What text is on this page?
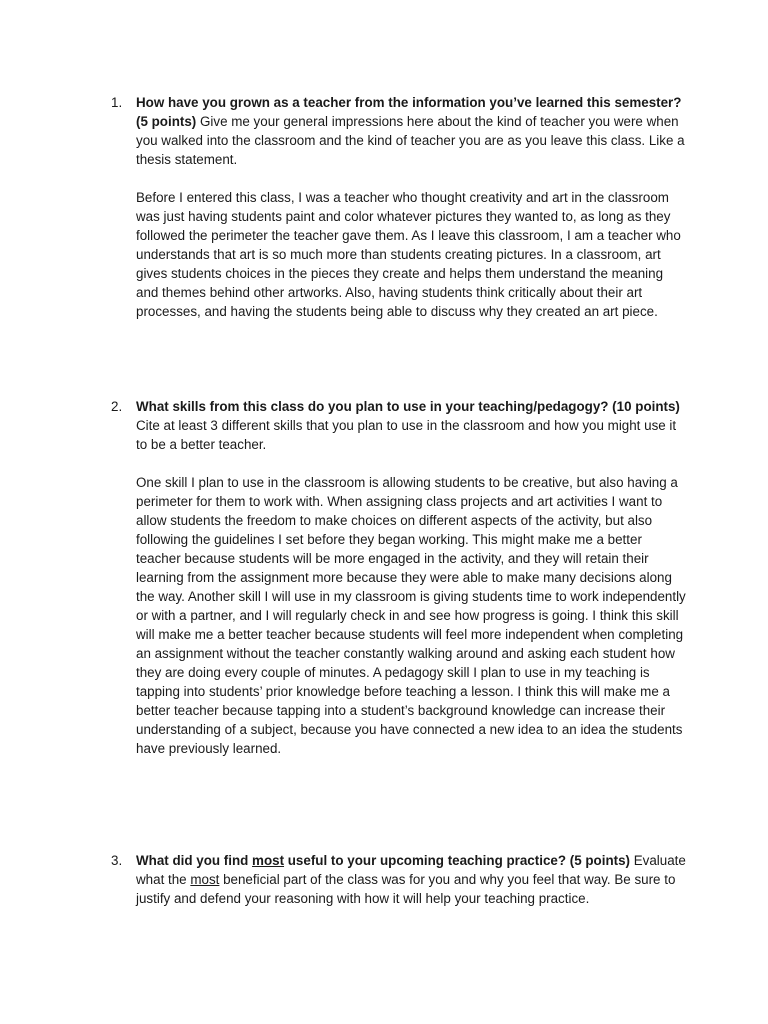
1. How have you grown as a teacher from the information you’ve learned this semester? (5 points) Give me your general impressions here about the kind of teacher you were when you walked into the classroom and the kind of teacher you are as you leave this class. Like a thesis statement.

Before I entered this class, I was a teacher who thought creativity and art in the classroom was just having students paint and color whatever pictures they wanted to, as long as they followed the perimeter the teacher gave them. As I leave this classroom, I am a teacher who understands that art is so much more than students creating pictures. In a classroom, art gives students choices in the pieces they create and helps them understand the meaning and themes behind other artworks. Also, having students think critically about their art processes, and having the students being able to discuss why they created an art piece.

2. What skills from this class do you plan to use in your teaching/pedagogy? (10 points) Cite at least 3 different skills that you plan to use in the classroom and how you might use it to be a better teacher.

One skill I plan to use in the classroom is allowing students to be creative, but also having a perimeter for them to work with. When assigning class projects and art activities I want to allow students the freedom to make choices on different aspects of the activity, but also following the guidelines I set before they began working. This might make me a better teacher because students will be more engaged in the activity, and they will retain their learning from the assignment more because they were able to make many decisions along the way. Another skill I will use in my classroom is giving students time to work independently or with a partner, and I will regularly check in and see how progress is going. I think this skill will make me a better teacher because students will feel more independent when completing an assignment without the teacher constantly walking around and asking each student how they are doing every couple of minutes. A pedagogy skill I plan to use in my teaching is tapping into students’ prior knowledge before teaching a lesson. I think this will make me a better teacher because tapping into a student’s background knowledge can increase their understanding of a subject, because you have connected a new idea to an idea the students have previously learned.

3. What did you find most useful to your upcoming teaching practice? (5 points) Evaluate what the most beneficial part of the class was for you and why you feel that way. Be sure to justify and defend your reasoning with how it will help your teaching practice.
